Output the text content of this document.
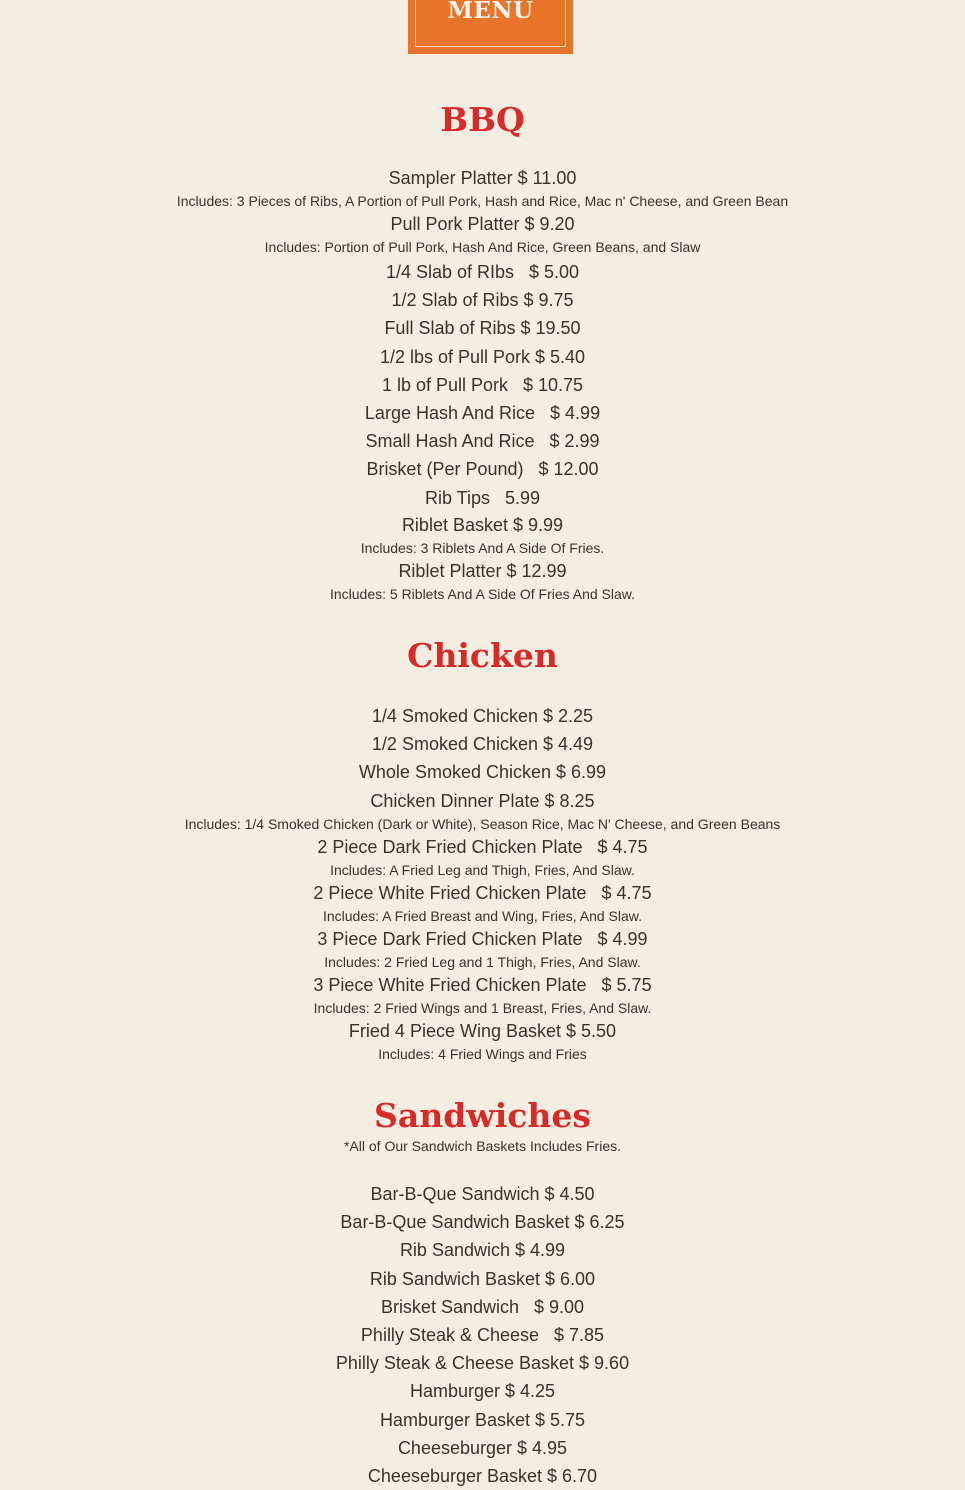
MENU
BBQ
Sampler Platter $ 11.00
Includes: 3 Pieces of Ribs, A Portion of Pull Pork, Hash and Rice, Mac n' Cheese, and Green Bean
Pull Pork Platter $ 9.20
Includes: Portion of Pull Pork, Hash And Rice, Green Beans, and Slaw
1/4 Slab of RIbs   $ 5.00
1/2 Slab of Ribs $ 9.75
Full Slab of Ribs $ 19.50
1/2 lbs of Pull Pork $ 5.40
1 lb of Pull Pork   $ 10.75
Large Hash And Rice   $ 4.99
Small Hash And Rice   $ 2.99
Brisket (Per Pound)   $ 12.00
Rib Tips   5.99
Riblet Basket $ 9.99
Includes: 3 Riblets And A Side Of Fries.
Riblet Platter $ 12.99
Includes: 5 Riblets And A Side Of Fries And Slaw.
Chicken
1/4 Smoked Chicken $ 2.25
1/2 Smoked Chicken $ 4.49
Whole Smoked Chicken $ 6.99
Chicken Dinner Plate $ 8.25
Includes: 1/4 Smoked Chicken (Dark or White), Season Rice, Mac N' Cheese, and Green Beans
2 Piece Dark Fried Chicken Plate   $ 4.75
Includes: A Fried Leg and Thigh, Fries, And Slaw.
2 Piece White Fried Chicken Plate   $ 4.75
Includes: A Fried Breast and Wing, Fries, And Slaw.
3 Piece Dark Fried Chicken Plate   $ 4.99
Includes: 2 Fried Leg and 1 Thigh, Fries, And Slaw.
3 Piece White Fried Chicken Plate   $ 5.75
Includes: 2 Fried Wings and 1 Breast, Fries, And Slaw.
Fried 4 Piece Wing Basket $ 5.50
Includes: 4 Fried Wings and Fries
Sandwiches

*All of Our Sandwich Baskets Includes Fries.

Bar-B-Que Sandwich $ 4.50
Bar-B-Que Sandwich Basket $ 6.25
Rib Sandwich $ 4.99
Rib Sandwich Basket $ 6.00
Brisket Sandwich   $ 9.00
Philly Steak & Cheese   $ 7.85
Philly Steak & Cheese Basket $ 9.60
Hamburger $ 4.25
Hamburger Basket $ 5.75
Cheeseburger $ 4.95
Cheeseburger Basket $ 6.70
